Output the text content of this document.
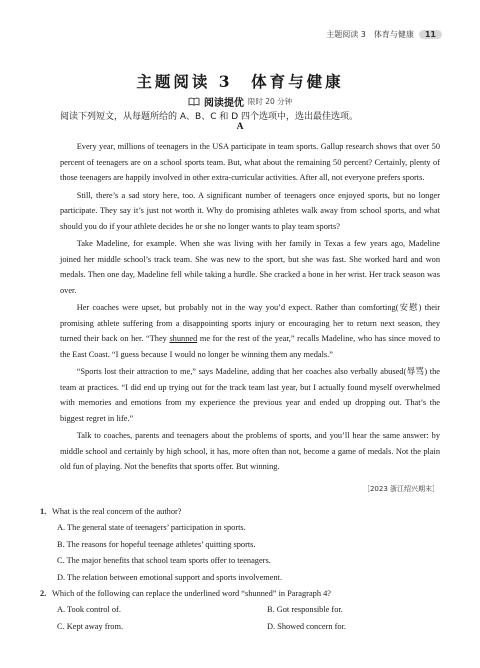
主题阅读 3　体育与健康	11
主题阅读 3　体育与健康
阅读提优 限时 20 分钟
阅读下列短文，从每题所给的 A、B、C 和 D 四个选项中，选出最佳选项。
A

Every year, millions of teenagers in the USA participate in team sports. Gallup research shows that over 50 percent of teenagers are on a school sports team. But, what about the remaining 50 percent? Certainly, plenty of those teenagers are happily involved in other extra-curricular activities. After all, not everyone prefers sports.

Still, there’s a sad story here, too. A significant number of teenagers once enjoyed sports, but no longer participate. They say it’s just not worth it. Why do promising athletes walk away from school sports, and what should you do if your athlete decides he or she no longer wants to play team sports?

Take Madeline, for example. When she was living with her family in Texas a few years ago, Madeline joined her middle school’s track team. She was new to the sport, but she was fast. She worked hard and won medals. Then one day, Madeline fell while taking a hurdle. She cracked a bone in her wrist. Her track season was over.

Her coaches were upset, but probably not in the way you’d expect. Rather than comforting(安慰) their promising athlete suffering from a disappointing sports injury or encouraging her to return next season, they turned their back on her. “They shunned me for the rest of the year,” recalls Madeline, who has since moved to the East Coast. “I guess because I would no longer be winning them any medals.”

“Sports lost their attraction to me,” says Madeline, adding that her coaches also verbally abused(辱骂) the team at practices. “I did end up trying out for the track team last year, but I actually found myself overwhelmed with memories and emotions from my experience the previous year and ended up dropping out. That’s the biggest regret in life.”

Talk to coaches, parents and teenagers about the problems of sports, and you’ll hear the same answer: by middle school and certainly by high school, it has, more often than not, become a game of medals. Not the plain old fun of playing. Not the benefits that sports offer. But winning.

［2023 浙江绍兴期末］
1. What is the real concern of the author?
A. The general state of teenagers’ participation in sports.
B. The reasons for hopeful teenage athletes’ quitting sports.
C. The major benefits that school team sports offer to teenagers.
D. The relation between emotional support and sports involvement.
2. Which of the following can replace the underlined word “shunned” in Paragraph 4?
A. Took control of.	B. Got responsible for.
C. Kept away from.	D. Showed concern for.
